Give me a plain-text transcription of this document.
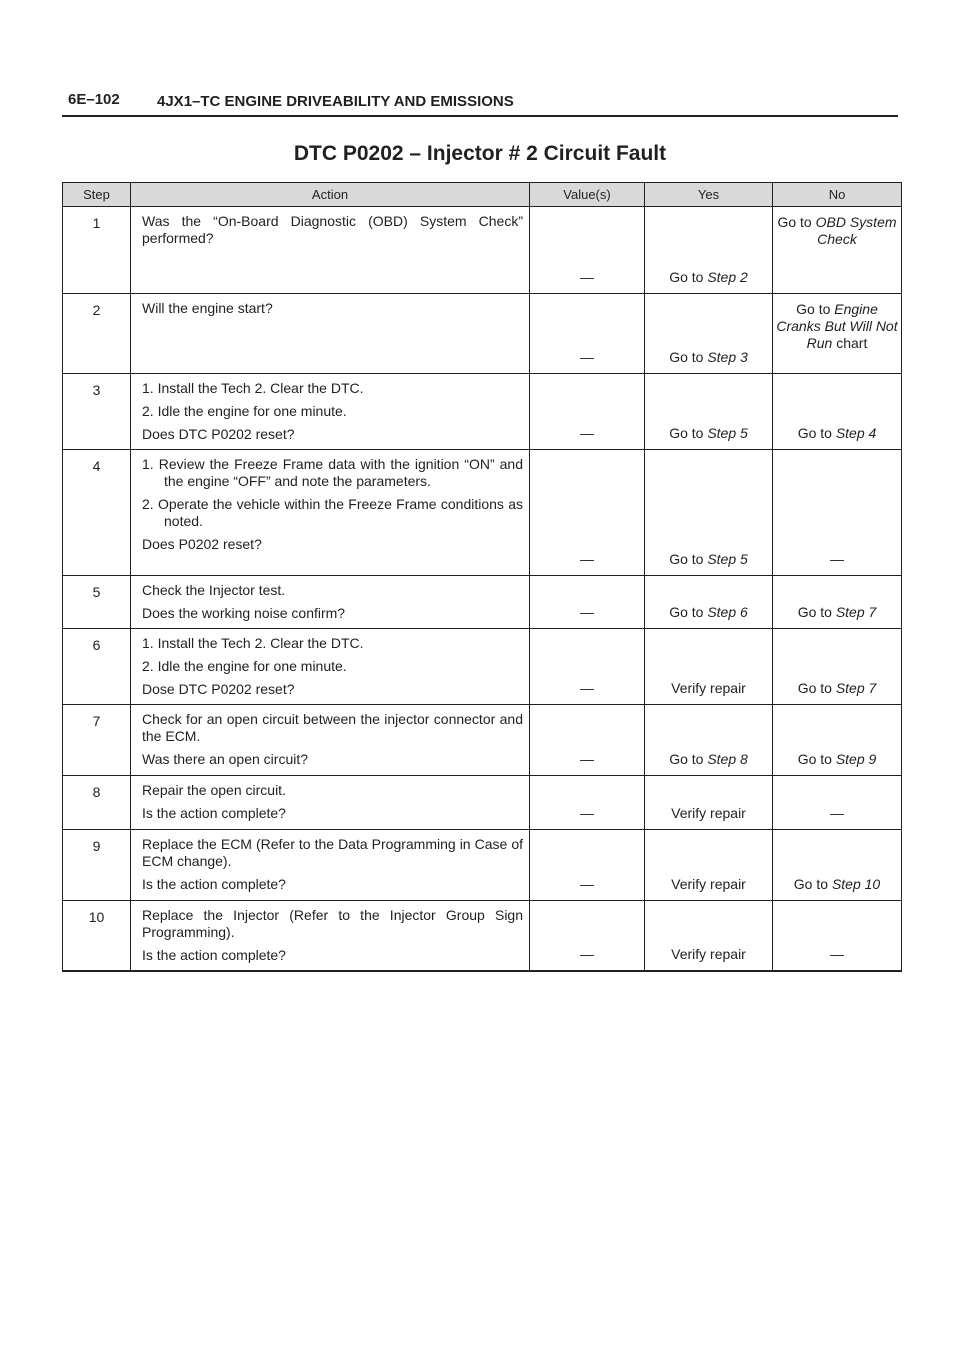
6E–102 4JX1–TC ENGINE DRIVEABILITY AND EMISSIONS
DTC P0202 – Injector # 2 Circuit Fault
Step	Action	Value(s)	Yes	No
1	Was the “On-Board Diagnostic (OBD) System Check” performed?	—	Go to Step 2	Go to OBD System Check
2	Will the engine start?	—	Go to Step 3	Go to Engine Cranks But Will Not Run chart
3	1. Install the Tech 2. Clear the DTC.
2. Idle the engine for one minute.
Does DTC P0202 reset?	—	Go to Step 5	Go to Step 4
4	1. Review the Freeze Frame data with the ignition “ON” and the engine “OFF” and note the parameters.
2. Operate the vehicle within the Freeze Frame conditions as noted.
Does P0202 reset?	—	Go to Step 5	—
5	Check the Injector test.
Does the working noise confirm?	—	Go to Step 6	Go to Step 7
6	1. Install the Tech 2. Clear the DTC.
2. Idle the engine for one minute.
Dose DTC P0202 reset?	—	Verify repair	Go to Step 7
7	Check for an open circuit between the injector connector and the ECM.
Was there an open circuit?	—	Go to Step 8	Go to Step 9
8	Repair the open circuit.
Is the action complete?	—	Verify repair	—
9	Replace the ECM (Refer to the Data Programming in Case of ECM change).
Is the action complete?	—	Verify repair	Go to Step 10
10	Replace the Injector (Refer to the Injector Group Sign Programming).
Is the action complete?	—	Verify repair	—
